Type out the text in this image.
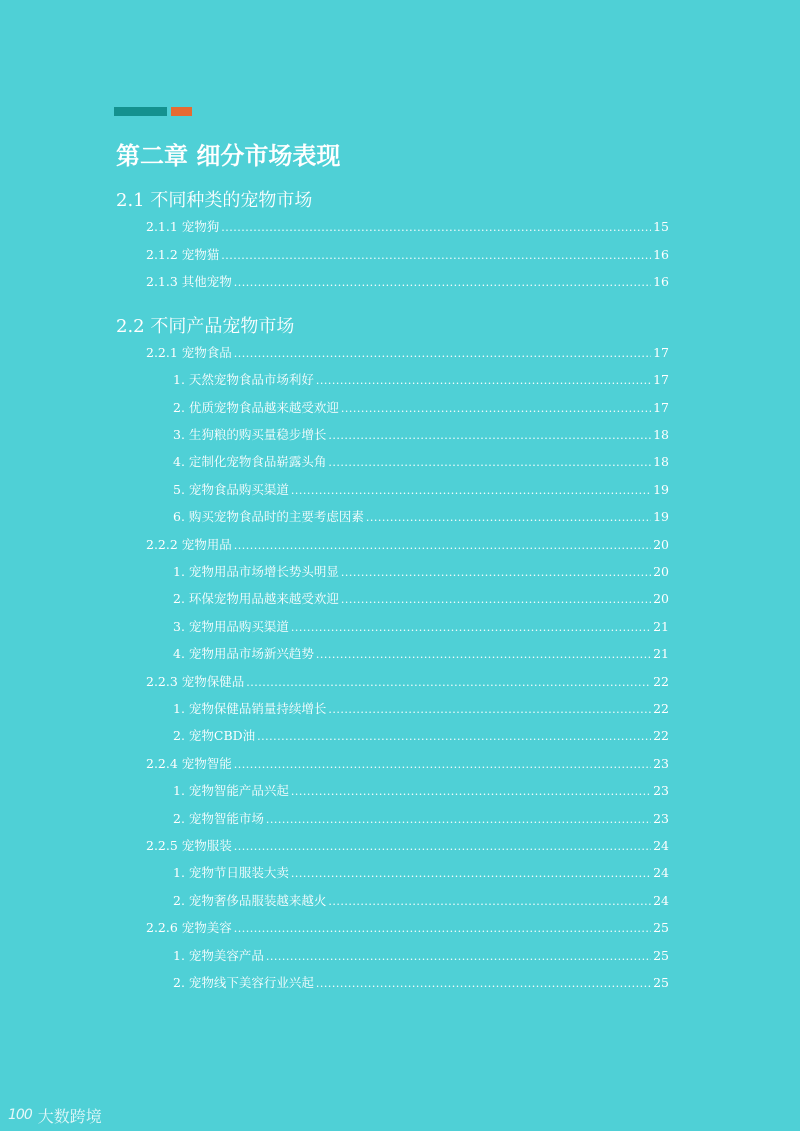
第二章 细分市场表现
2.1 不同种类的宠物市场
2.1.1 宠物狗 .....	15
2.1.2 宠物猫 .....	16
2.1.3 其他宠物 .....	16
2.2 不同产品宠物市场
2.2.1 宠物食品 .....	17
1. 天然宠物食品市场利好 .....	17
2. 优质宠物食品越来越受欢迎 .....	17
3. 生狗粮的购买量稳步增长 .....	18
4. 定制化宠物食品崭露头角 .....	18
5. 宠物食品购买渠道 .....	19
6. 购买宠物食品时的主要考虑因素 .....	19
2.2.2 宠物用品 .....	20
1. 宠物用品市场增长势头明显 .....	20
2. 环保宠物用品越来越受欢迎 .....	20
3. 宠物用品购买渠道 .....	21
4. 宠物用品市场新兴趋势 .....	21
2.2.3 宠物保健品 .....	22
1. 宠物保健品销量持续增长 .....	22
2. 宠物CBD油 .....	22
2.2.4 宠物智能 .....	23
1. 宠物智能产品兴起 .....	23
2. 宠物智能市场 .....	23
2.2.5 宠物服装 .....	24
1. 宠物节日服装大卖 .....	24
2. 宠物奢侈品服装越来越火 .....	24
2.2.6 宠物美容 .....	25
1. 宠物美容产品 .....	25
2. 宠物线下美容行业兴起 .....	25
100 大数跨境
